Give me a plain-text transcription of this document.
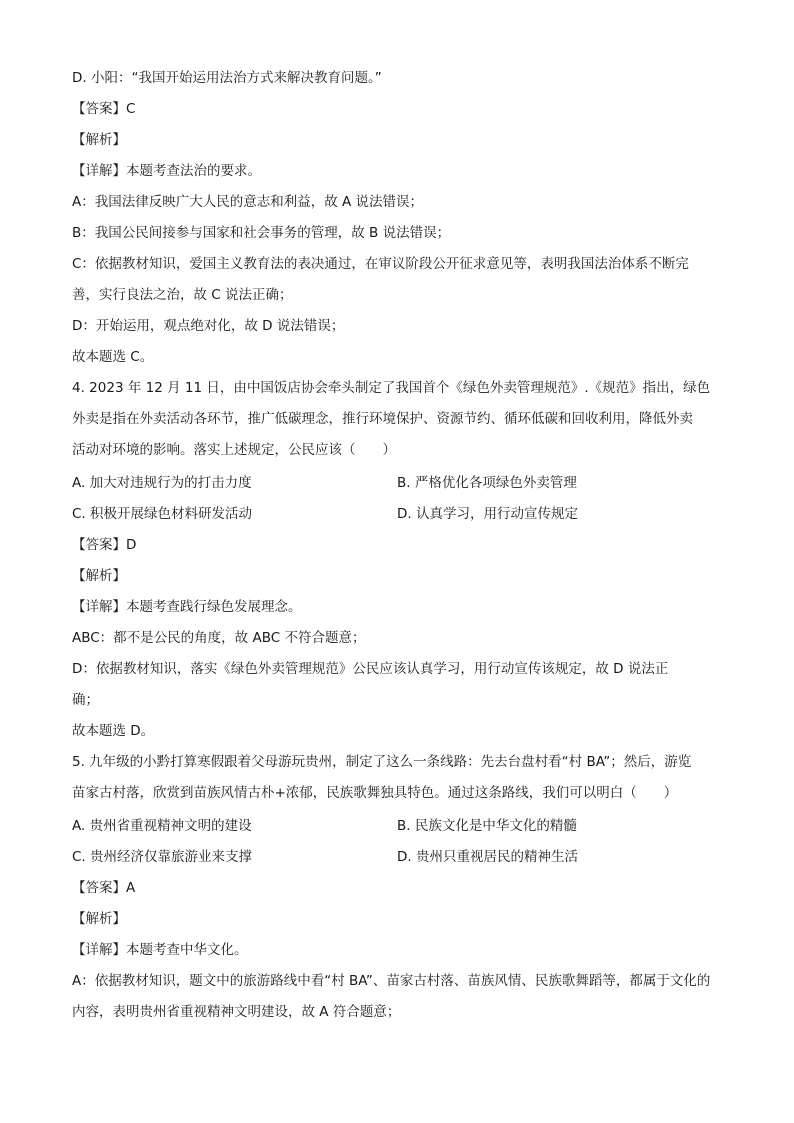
D. 小阳：“我国开始运用法治方式来解决教育问题。”
【答案】C
【解析】
【详解】本题考查法治的要求。
A：我国法律反映广大人民的意志和利益，故 A 说法错误；
B：我国公民间接参与国家和社会事务的管理，故 B 说法错误；
C：依据教材知识，爱国主义教育法的表决通过，在审议阶段公开征求意见等，表明我国法治体系不断完
善，实行良法之治，故 C 说法正确；
D：开始运用，观点绝对化，故 D 说法错误；
故本题选 C。
4. 2023 年 12 月 11 日，由中国饭店协会牵头制定了我国首个《绿色外卖管理规范》.《规范》指出，绿色
外卖是指在外卖活动各环节，推广低碳理念，推行环境保护、资源节约、循环低碳和回收利用，降低外卖
活动对环境的影响。落实上述规定，公民应该（　　）
A. 加大对违规行为的打击力度	B. 严格优化各项绿色外卖管理
C. 积极开展绿色材料研发活动	D. 认真学习，用行动宣传规定
【答案】D
【解析】
【详解】本题考查践行绿色发展理念。
ABC：都不是公民的角度，故 ABC 不符合题意；
D：依据教材知识，落实《绿色外卖管理规范》公民应该认真学习，用行动宣传该规定，故 D 说法正
确；
故本题选 D。
5. 九年级的小黔打算寒假跟着父母游玩贵州，制定了这么一条线路：先去台盘村看“村 BA”；然后，游览
苗家古村落，欣赏到苗族风情古朴+浓郁，民族歌舞独具特色。通过这条路线，我们可以明白（　　）
A. 贵州省重视精神文明的建设	B. 民族文化是中华文化的精髓
C. 贵州经济仅靠旅游业来支撑	D. 贵州只重视居民的精神生活
【答案】A
【解析】
【详解】本题考查中华文化。
A：依据教材知识，题文中的旅游路线中看“村 BA”、苗家古村落、苗族风情、民族歌舞蹈等，都属于文化的
内容，表明贵州省重视精神文明建设，故 A 符合题意；
